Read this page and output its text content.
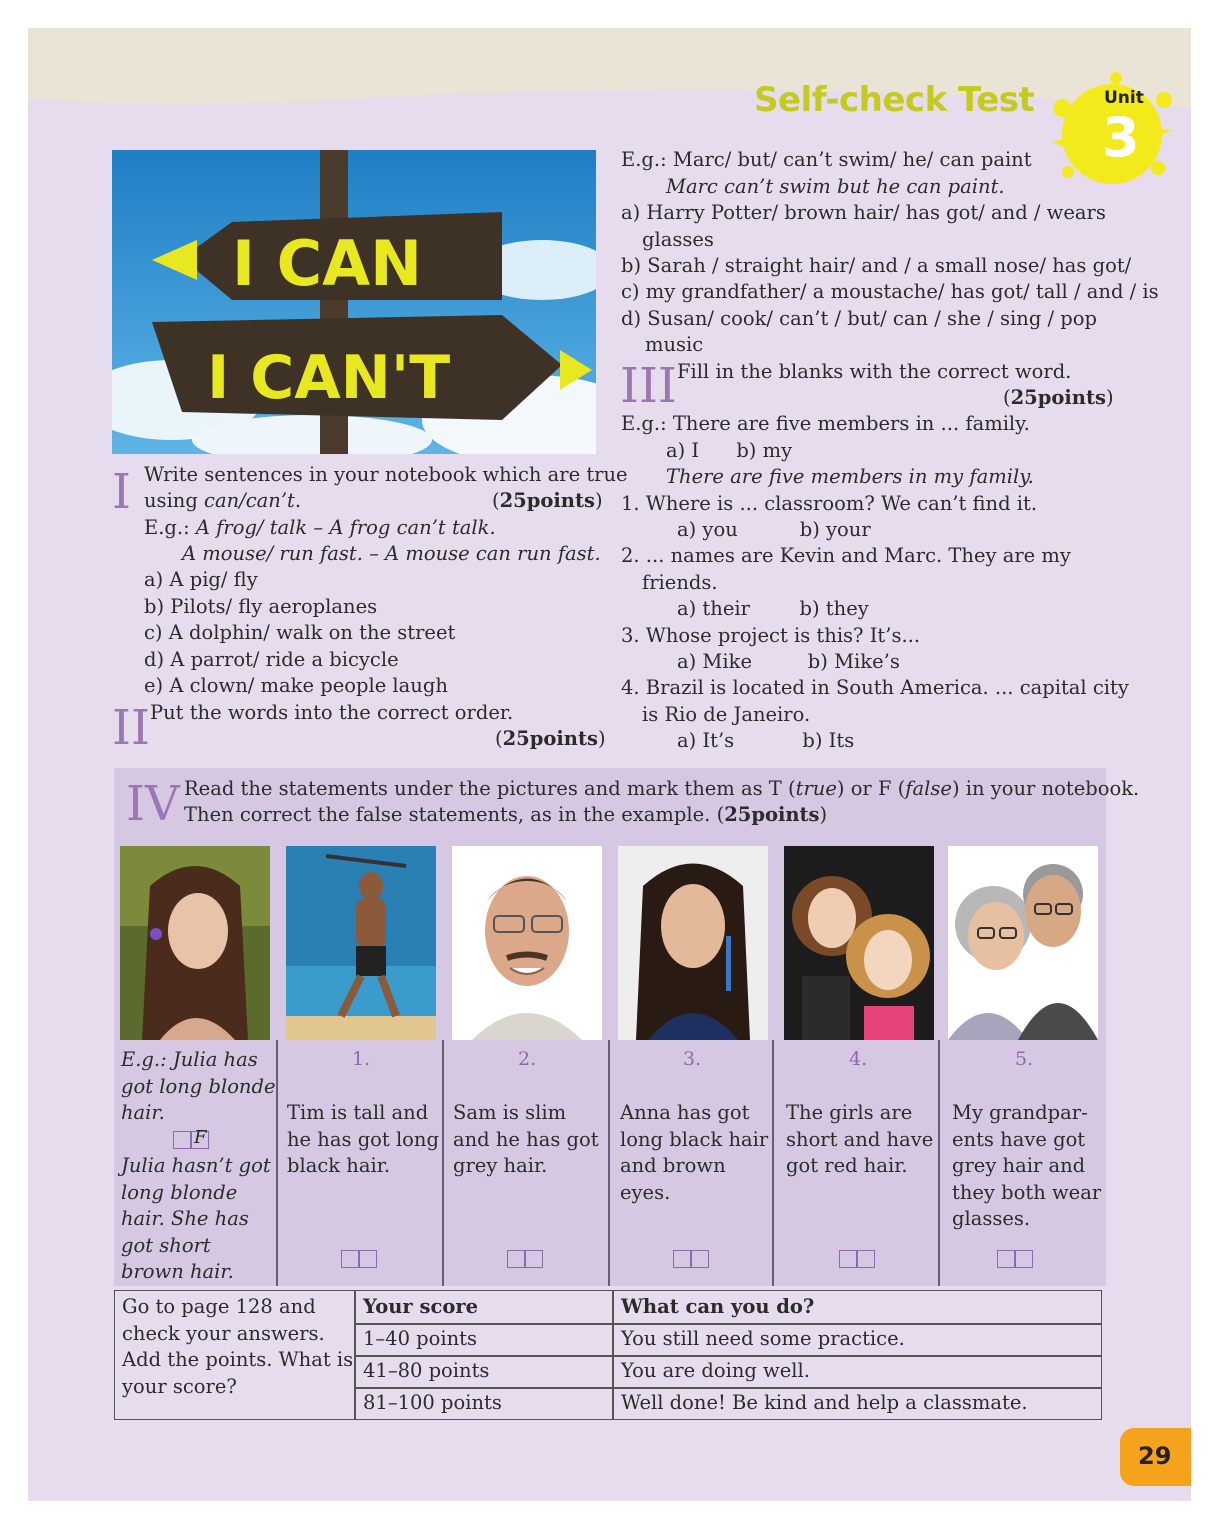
Self-check Test	Unit
3
I CAN
I CAN'T
I Write sentences in your notebook which are true
using can/can’t.	(25points)
E.g.: A frog/ talk – A frog can’t talk.
A mouse/ run fast. – A mouse can run fast.
a) A pig/ fly
b) Pilots/ fly aeroplanes
c) A dolphin/ walk on the street
d) A parrot/ ride a bicycle
e) A clown/ make people laugh
II Put the words into the correct order.
(25points)
E.g.: Marc/ but/ can’t swim/ he/ can paint
Marc can’t swim but he can paint.
a) Harry Potter/ brown hair/ has got/ and / wears
glasses
b) Sarah / straight hair/ and / a small nose/ has got/
c) my grandfather/ a moustache/ has got/ tall / and / is
d) Susan/ cook/ can’t / but/ can / she / sing / pop
music
III Fill in the blanks with the correct word.
(25points)
E.g.: There are five members in ... family.
a) I      b) my
There are five members in my family.
1. Where is ... classroom? We can’t find it.
a) you          b) your
2. ... names are Kevin and Marc. They are my
friends.
a) their        b) they
3. Whose project is this? It’s...
a) Mike         b) Mike’s
4. Brazil is located in South America. ... capital city
is Rio de Janeiro.
a) It’s           b) Its
IV Read the statements under the pictures and mark them as T (true) or F (false) in your notebook.
Then correct the false statements, as in the example. (25points)
E.g.: Julia has
got long blonde
hair.
F
Julia hasn’t got
long blonde
hair. She has
got short
brown hair.
1.
Tim is tall and
he has got long
black hair.
2.
Sam is slim
and he has got
grey hair.
3.
Anna has got
long black hair
and brown
eyes.
4.
The girls are
short and have
got red hair.
5.
My grandpar-
ents have got
grey hair and
they both wear
glasses.
Go to page 128 and
check your answers.
Add the points. What is
your score?
Your score	What can you do?
1–40 points	You still need some practice.
41–80 points	You are doing well.
81–100 points	Well done! Be kind and help a classmate.
29
